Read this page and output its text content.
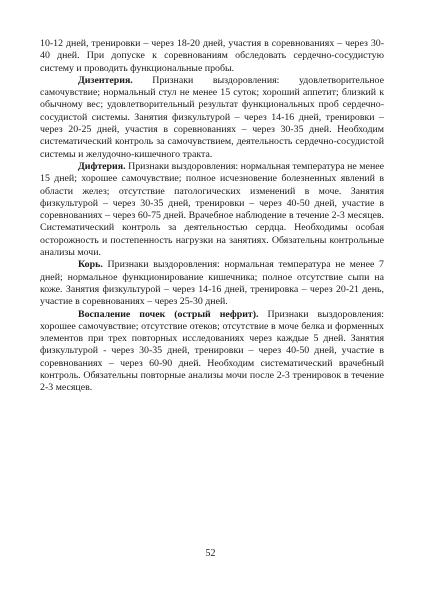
10-12 дней, тренировки – через 18-20 дней, участия в соревнованиях – через 30-40 дней. При допуске к соревнованиям обследовать сердечно-сосудистую систему и проводить функциональные пробы.

Дизентерия. Признаки выздоровления: удовлетворительное самочувствие; нормальный стул не менее 15 суток; хороший аппетит; близкий к обычному вес; удовлетворительный результат функциональных проб сердечно-сосудистой системы. Занятия физкультурой – через 14-16 дней, тренировки – через 20-25 дней, участия в соревнованиях – через 30-35 дней. Необходим систематический контроль за самочувствием, деятельность сердечно-сосудистой системы и желудочно-кишечного тракта.

Дифтерия. Признаки выздоровления: нормальная температура не менее 15 дней; хорошее самочувствие; полное исчезновение болезненных явлений в области желез; отсутствие патологических изменений в моче. Занятия физкультурой – через 30-35 дней, тренировки – через 40-50 дней, участие в соревнованиях – через 60-75 дней. Врачебное наблюдение в течение 2-3 месяцев. Систематический контроль за деятельностью сердца. Необходимы особая осторожность и постепенность нагрузки на занятиях. Обязательны контрольные анализы мочи.

Корь. Признаки выздоровления: нормальная температура не менее 7 дней; нормальное функционирование кишечника; полное отсутствие сыпи на коже. Занятия физкультурой – через 14-16 дней, тренировка – через 20-21 день, участие в соревнованиях – через 25-30 дней.

Воспаление почек (острый нефрит). Признаки выздоровления: хорошее самочувствие; отсутствие отеков; отсутствие в моче белка и форменных элементов при трех повторных исследованиях через каждые 5 дней. Занятия физкультурой - через 30-35 дней, тренировки – через 40-50 дней, участие в соревнованиях – через 60-90 дней. Необходим систематический врачебный контроль. Обязательны повторные анализы мочи после 2-3 тренировок в течение 2-3 месяцев.

52
